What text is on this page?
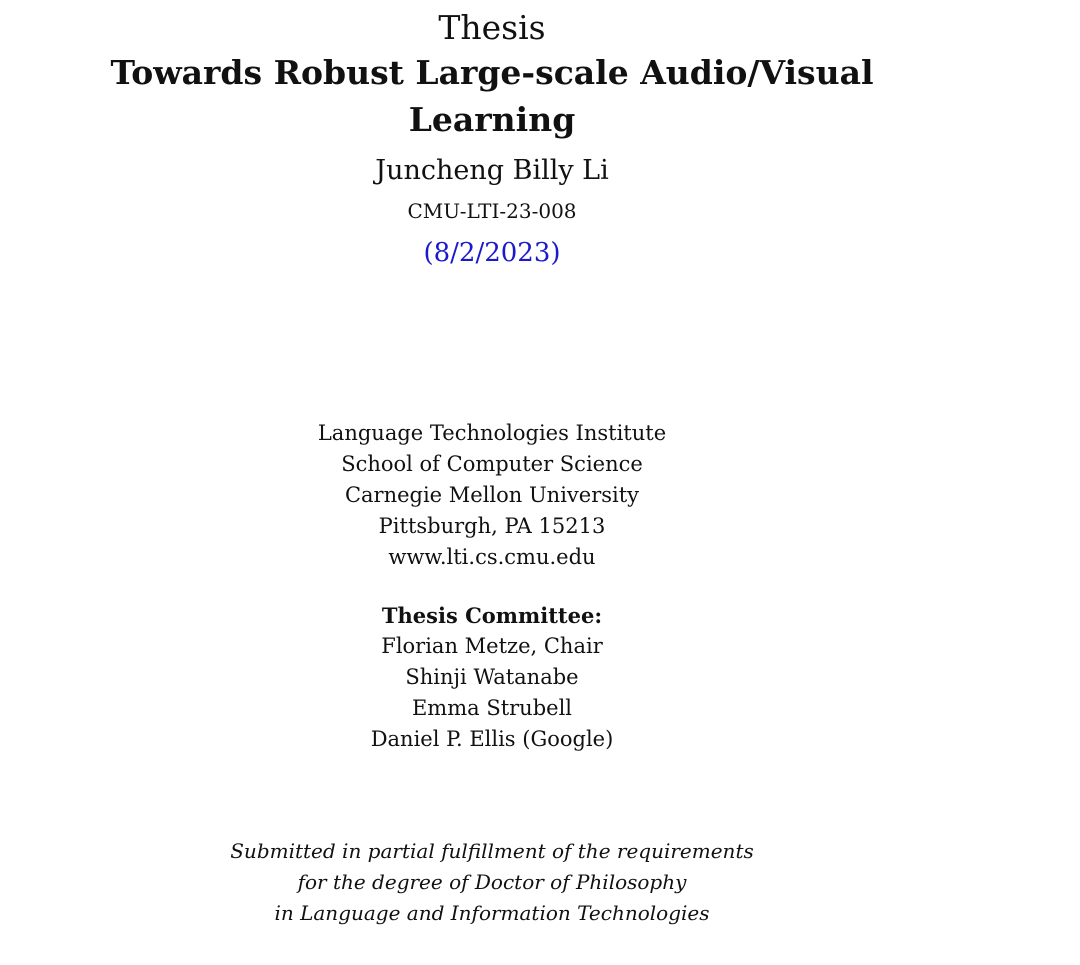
Thesis
Towards Robust Large-scale Audio/Visual
Learning
Juncheng Billy Li
CMU-LTI-23-008
(8/2/2023)
Language Technologies Institute
School of Computer Science
Carnegie Mellon University
Pittsburgh, PA 15213
www.lti.cs.cmu.edu
Thesis Committee:
Florian Metze, Chair
Shinji Watanabe
Emma Strubell
Daniel P. Ellis (Google)
Submitted in partial fulfillment of the requirements
for the degree of Doctor of Philosophy
in Language and Information Technologies
